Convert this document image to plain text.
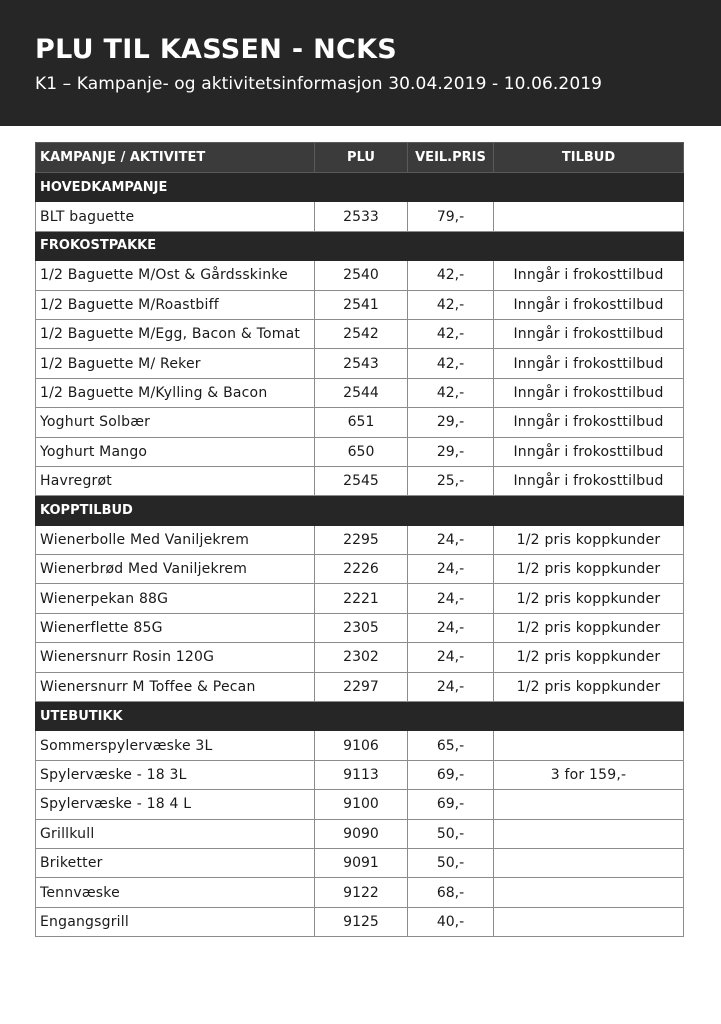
PLU TIL KASSEN - NCKS
K1 – Kampanje- og aktivitetsinformasjon 30.04.2019 - 10.06.2019
KAMPANJE / AKTIVITET	PLU	VEIL.PRIS	TILBUD
HOVEDKAMPANJE			
BLT baguette	2533	79,-	
FROKOSTPAKKE			
1/2 Baguette M/Ost & Gårdsskinke	2540	42,-	Inngår i frokosttilbud
1/2 Baguette M/Roastbiff	2541	42,-	Inngår i frokosttilbud
1/2 Baguette M/Egg, Bacon & Tomat	2542	42,-	Inngår i frokosttilbud
1/2 Baguette M/ Reker	2543	42,-	Inngår i frokosttilbud
1/2 Baguette M/Kylling & Bacon	2544	42,-	Inngår i frokosttilbud
Yoghurt Solbær	651	29,-	Inngår i frokosttilbud
Yoghurt Mango	650	29,-	Inngår i frokosttilbud
Havregrøt	2545	25,-	Inngår i frokosttilbud
KOPPTILBUD			
Wienerbolle Med Vaniljekrem	2295	24,-	1/2 pris koppkunder
Wienerbrød Med Vaniljekrem	2226	24,-	1/2 pris koppkunder
Wienerpekan 88G	2221	24,-	1/2 pris koppkunder
Wienerflette 85G	2305	24,-	1/2 pris koppkunder
Wienersnurr Rosin 120G	2302	24,-	1/2 pris koppkunder
Wienersnurr M Toffee & Pecan	2297	24,-	1/2 pris koppkunder
UTEBUTIKK			
Sommerspylervæske 3L	9106	65,-	
Spylervæske - 18 3L	9113	69,-	3 for 159,-
Spylervæske - 18 4 L	9100	69,-	
Grillkull	9090	50,-	
Briketter	9091	50,-	
Tennvæske	9122	68,-	
Engangsgrill	9125	40,-	
